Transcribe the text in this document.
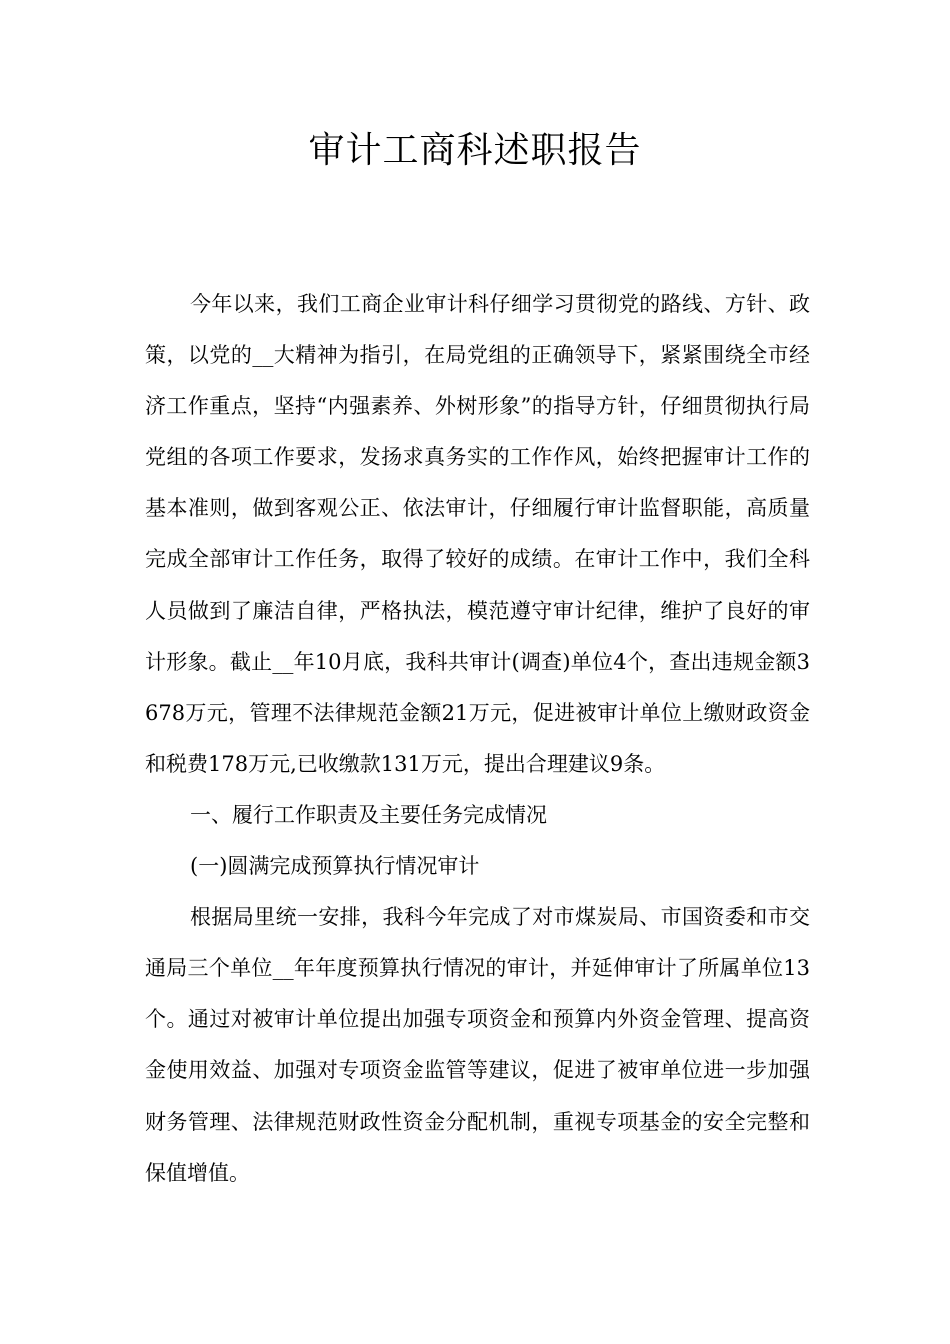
审计工商科述职报告

今年以来，我们工商企业审计科仔细学习贯彻党的路线、方针、政策，以党的__大精神为指引，在局党组的正确领导下，紧紧围绕全市经济工作重点，坚持“内强素养、外树形象”的指导方针，仔细贯彻执行局党组的各项工作要求，发扬求真务实的工作作风，始终把握审计工作的基本准则，做到客观公正、依法审计，仔细履行审计监督职能，高质量完成全部审计工作任务，取得了较好的成绩。在审计工作中，我们全科人员做到了廉洁自律，严格执法，模范遵守审计纪律，维护了良好的审计形象。截止__年10月底，我科共审计(调查)单位4个，查出违规金额3678万元，管理不法律规范金额21万元，促进被审计单位上缴财政资金和税费178万元,已收缴款131万元，提出合理建议9条。

一、履行工作职责及主要任务完成情况

(一)圆满完成预算执行情况审计

根据局里统一安排，我科今年完成了对市煤炭局、市国资委和市交通局三个单位__年年度预算执行情况的审计，并延伸审计了所属单位13个。通过对被审计单位提出加强专项资金和预算内外资金管理、提高资金使用效益、加强对专项资金监管等建议，促进了被审单位进一步加强财务管理、法律规范财政性资金分配机制，重视专项基金的安全完整和保值增值。
